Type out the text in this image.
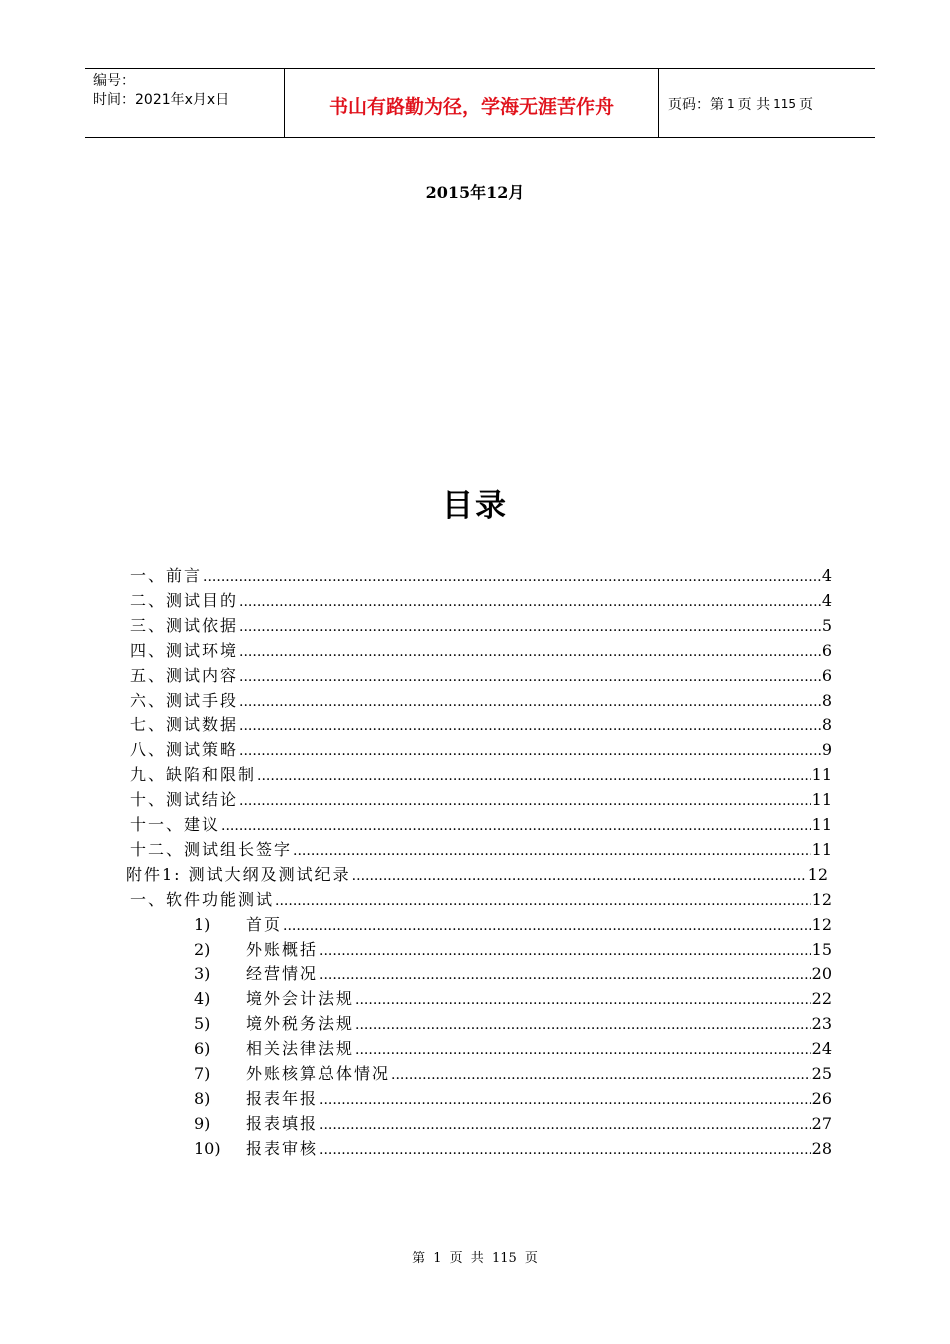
编号：
时间：2021年x月x日	书山有路勤为径，学海无涯苦作舟	页码：第 1 页 共 115 页
2015年12月
目录
一、前言 .....	4
二、测试目的 .....	4
三、测试依据 .....	5
四、测试环境 .....	6
五、测试内容 .....	6
六、测试手段 .....	8
七、测试数据 .....	8
八、测试策略 .....	9
九、缺陷和限制 .....	11
十、测试结论 .....	11
十一、建议 .....	11
十二、测试组长签字 .....	11
附件1: 测试大纲及测试纪录 .....	12
一、软件功能测试 .....	12
1)	首页 .....	12
2)	外账概括 .....	15
3)	经营情况 .....	20
4)	境外会计法规 .....	22
5)	境外税务法规 .....	23
6)	相关法律法规 .....	24
7)	外账核算总体情况 .....	25
8)	报表年报 .....	26
9)	报表填报 .....	27
10)	报表审核 .....	28
第 1 页 共 115 页
